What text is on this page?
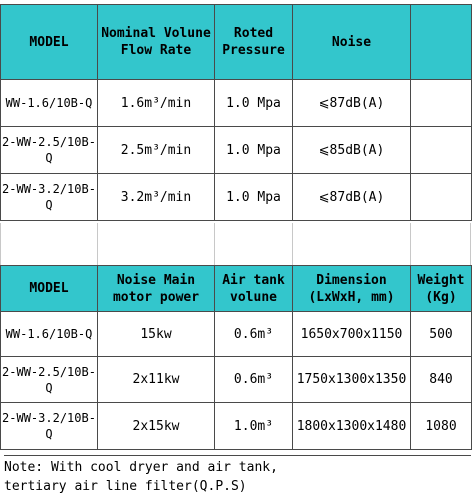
MODEL	Nominal Volune Flow Rate	Roted Pressure	Noise	
WW-1.6/10B-Q	1.6m³/min	1.0 Mpa	⩽87dB(A)	
2-WW-2.5/10B-Q	2.5m³/min	1.0 Mpa	⩽85dB(A)	
2-WW-3.2/10B-Q	3.2m³/min	1.0 Mpa	⩽87dB(A)	
MODEL	Noise Main motor power	Air tank volune	Dimension (LxWxH, mm)	Weight (Kg)
WW-1.6/10B-Q	15kw	0.6m³	1650x700x1150	500
2-WW-2.5/10B-Q	2x11kw	0.6m³	1750x1300x1350	840
2-WW-3.2/10B-Q	2x15kw	1.0m³	1800x1300x1480	1080
Note: With cool dryer and air tank,
tertiary air line filter(Q.P.S)
